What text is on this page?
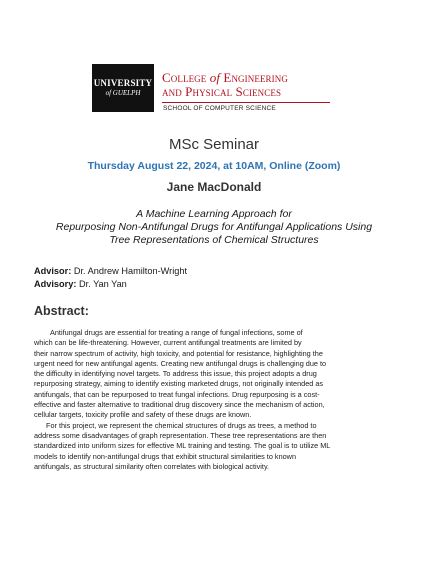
UNIVERSITY
of GUELPH
College of Engineering
and Physical Sciences
SCHOOL OF COMPUTER SCIENCE
MSc Seminar
Thursday August 22, 2024, at 10AM, Online (Zoom)
Jane MacDonald
A Machine Learning Approach for
Repurposing Non-Antifungal Drugs for Antifungal Applications Using
Tree Representations of Chemical Structures
Advisor: Dr. Andrew Hamilton-Wright
Advisory: Dr. Yan Yan
Abstract:
Antifungal drugs are essential for treating a range of fungal infections, some of
which can be life-threatening. However, current antifungal treatments are limited by
their narrow spectrum of activity, high toxicity, and potential for resistance, highlighting the
urgent need for new antifungal agents. Creating new antifungal drugs is challenging due to
the difficulty in identifying novel targets. To address this issue, this project adopts a drug
repurposing strategy, aiming to identify existing marketed drugs, not originally intended as
antifungals, that can be repurposed to treat fungal infections. Drug repurposing is a cost-
effective and faster alternative to traditional drug discovery since the mechanism of action,
cellular targets, toxicity profile and safety of these drugs are known.
For this project, we represent the chemical structures of drugs as trees, a method to
address some disadvantages of graph representation. These tree representations are then
standardized into uniform sizes for effective ML training and testing. The goal is to utilize ML
models to identify non-antifungal drugs that exhibit structural similarities to known
antifungals, as structural similarity often correlates with biological activity.
